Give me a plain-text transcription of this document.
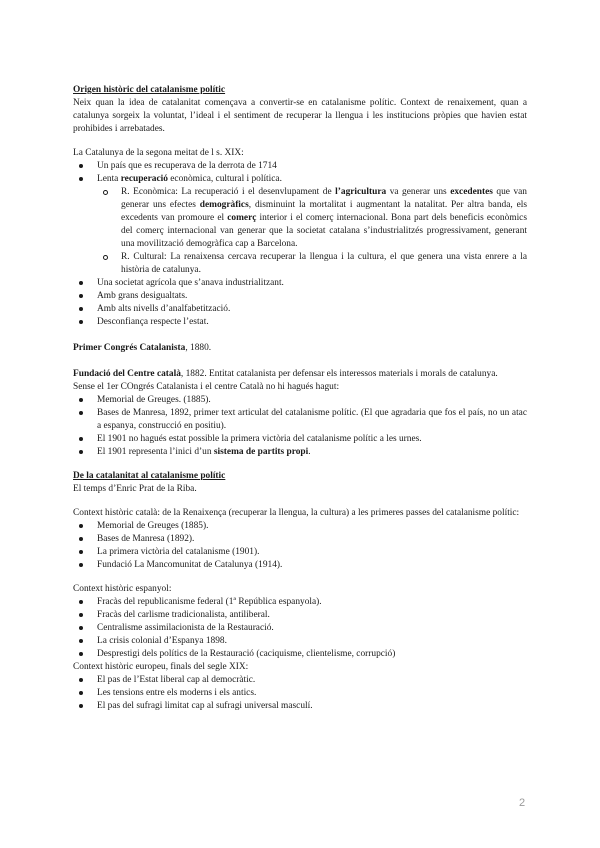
Origen històric del catalanisme polític

Neix quan la idea de catalanitat començava a convertir-se en catalanisme polític. Context de renaixement, quan a catalunya sorgeix la voluntat, l’ideal i el sentiment de recuperar la llengua i les institucions pròpies que havien estat prohibides i arrebatades.

La Catalunya de la segona meitat de l s. XIX:

Un país que es recuperava de la derrota de 1714
Lenta recuperació econòmica, cultural i política.
R. Econòmica: La recuperació i el desenvlupament de l’agricultura va generar uns excedentes que van generar uns efectes demogràfics, disminuint la mortalitat i augmentant la natalitat. Per altra banda, els excedents van promoure el comerç interior i el comerç internacional. Bona part dels beneficis econòmics del comerç internacional van generar que la societat catalana s’industrialitzés progressivament, generant una movilització demogràfica cap a Barcelona.
R. Cultural: La renaixensa cercava recuperar la llengua i la cultura, el que genera una vista enrere a la història de catalunya.
Una societat agrícola que s’anava industrialitzant.
Amb grans desigualtats.
Amb alts nivells d’analfabetització.
Desconfiança respecte l’estat.

Primer Congrés Catalanista, 1880.

Fundació del Centre català, 1882. Entitat catalanista per defensar els interessos materials i morals de catalunya.

Sense el 1er COngrés Catalanista i el centre Català no hi hagués hagut:

Memorial de Greuges. (1885).
Bases de Manresa, 1892, primer text articulat del catalanisme polític. (El que agradaria que fos el país, no un atac a espanya, construcció en positiu).
El 1901 no hagués estat possible la primera victòria del catalanisme polític a les urnes.
El 1901 representa l’inici d’un sistema de partits propi.

De la catalanitat al catalanisme polític

El temps d’Enric Prat de la Riba.

Context històric català: de la Renaixença (recuperar la llengua, la cultura) a les primeres passes del catalanisme polític:

Memorial de Greuges (1885).
Bases de Manresa (1892).
La primera victòria del catalanisme (1901).
Fundació La Mancomunitat de Catalunya (1914).

Context històric espanyol:

Fracàs del republicanisme federal (1ª República espanyola).
Fracàs del carlisme tradicionalista, antiliberal.
Centralisme assimilacionista de la Restauració.
La crisis colonial d’Espanya 1898.
Desprestigi dels polítics de la Restauració (caciquisme, clientelisme, corrupció)

Context històric europeu, finals del segle XIX:

El pas de l’Estat liberal cap al democràtic.
Les tensions entre els moderns i els antics.
El pas del sufragi limitat cap al sufragi universal masculí.
2
